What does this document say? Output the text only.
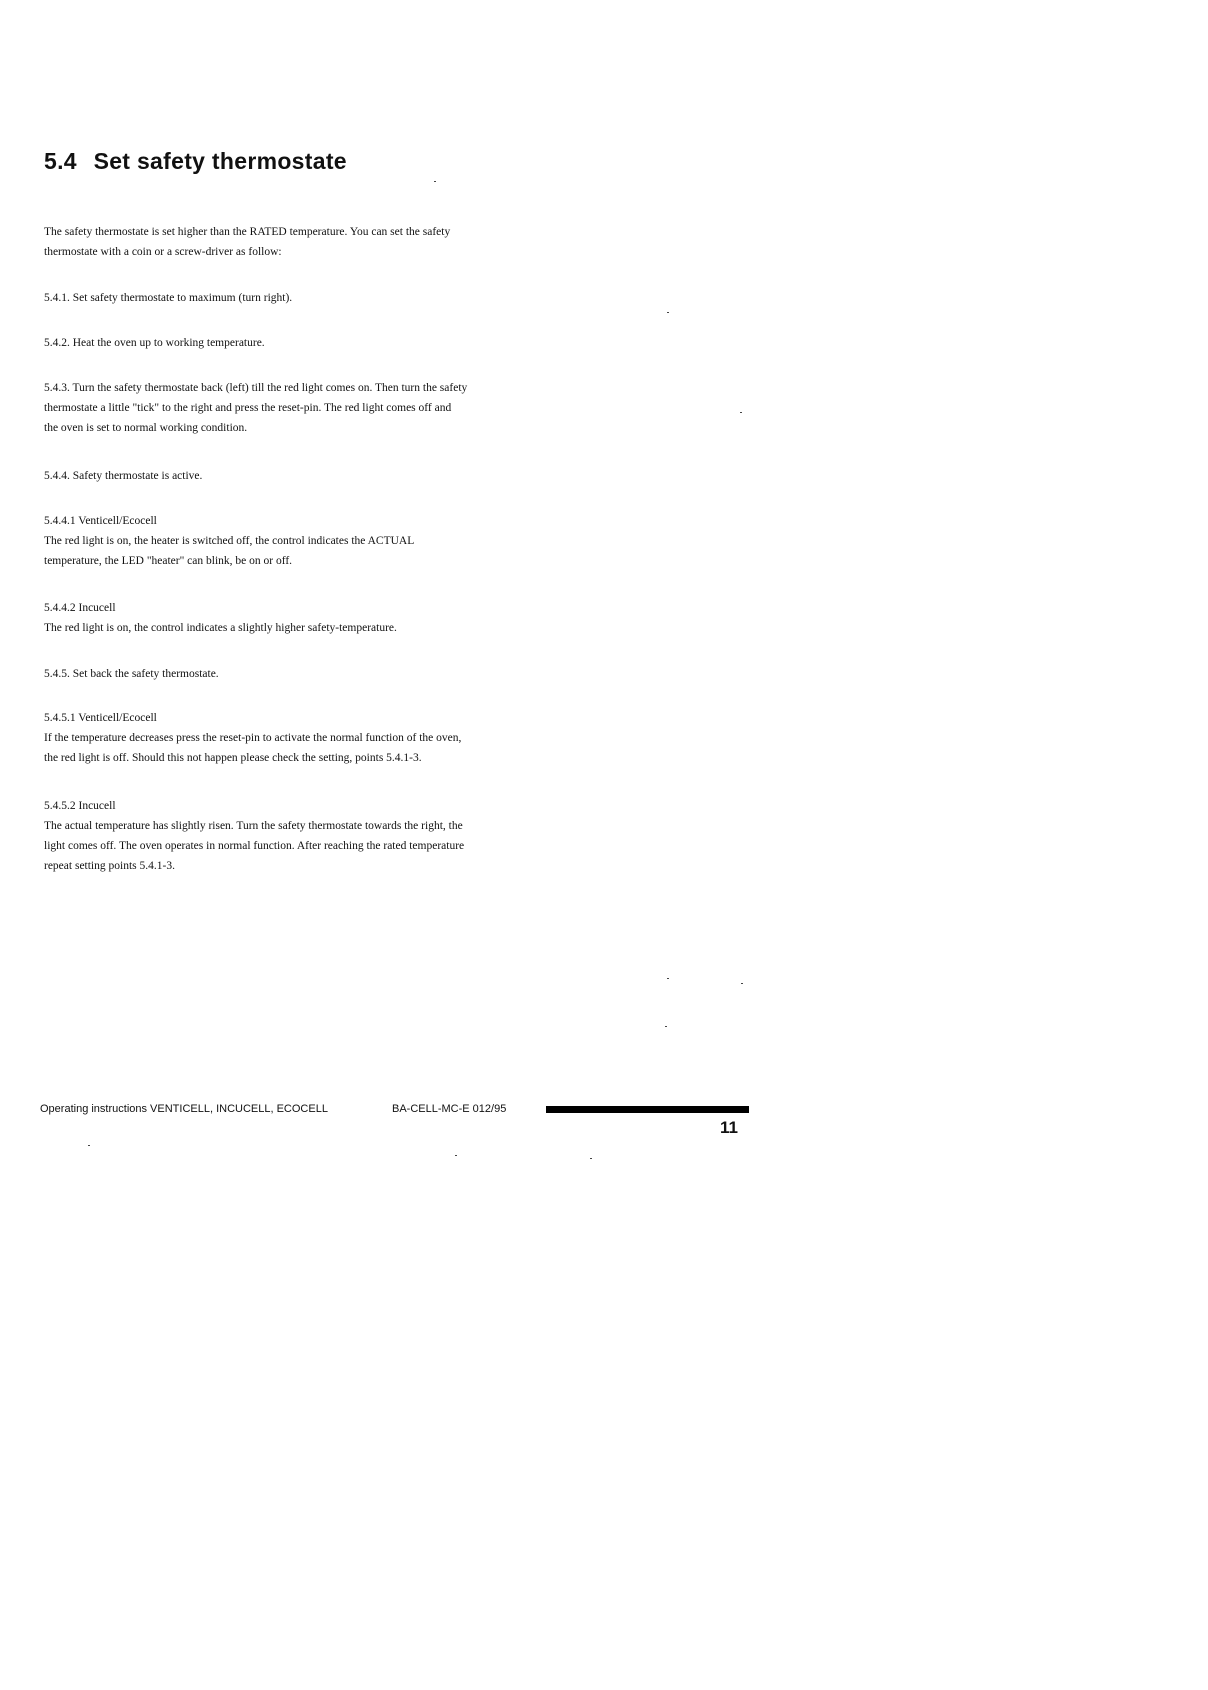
5.4 Set safety thermostate

The safety thermostate is set higher than the RATED temperature. You can set the safety
thermostate with a coin or a screw-driver as follow:

5.4.1. Set safety thermostate to maximum (turn right).

5.4.2. Heat the oven up to working temperature.

5.4.3. Turn the safety thermostate back (left) till the red light comes on. Then turn the safety
thermostate a little "tick" to the right and press the reset-pin. The red light comes off and
the oven is set to normal working condition.

5.4.4. Safety thermostate is active.

5.4.4.1 Venticell/Ecocell
The red light is on, the heater is switched off, the control indicates the ACTUAL
temperature, the LED "heater" can blink, be on or off.

5.4.4.2 Incucell
The red light is on, the control indicates a slightly higher safety-temperature.

5.4.5. Set back the safety thermostate.

5.4.5.1 Venticell/Ecocell
If the temperature decreases press the reset-pin to activate the normal function of the oven,
the red light is off. Should this not happen please check the setting, points 5.4.1-3.

5.4.5.2 Incucell
The actual temperature has slightly risen. Turn the safety thermostate towards the right, the
light comes off. The oven operates in normal function. After reaching the rated temperature
repeat setting points 5.4.1-3.

Operating instructions VENTICELL, INCUCELL, ECOCELL	BA-CELL-MC-E 012/95
11
